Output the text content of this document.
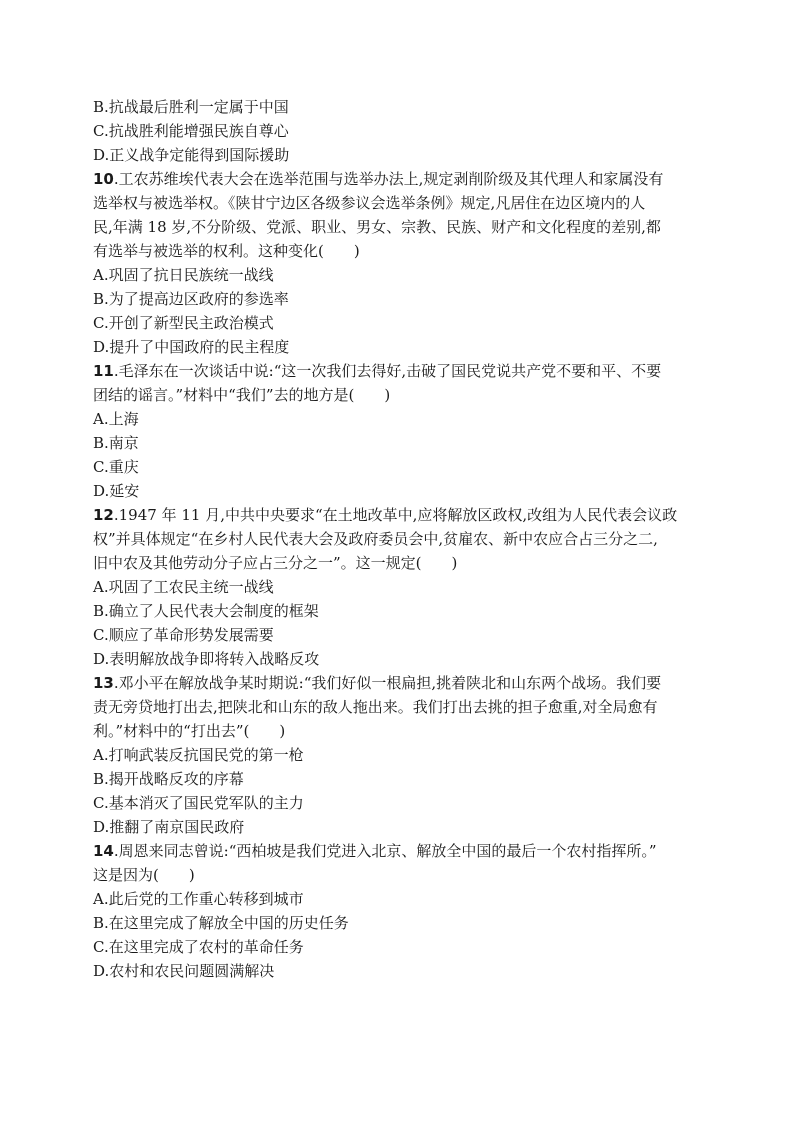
B.抗战最后胜利一定属于中国
C.抗战胜利能增强民族自尊心
D.正义战争定能得到国际援助
10.工农苏维埃代表大会在选举范围与选举办法上,规定剥削阶级及其代理人和家属没有
选举权与被选举权。《陕甘宁边区各级参议会选举条例》规定,凡居住在边区境内的人
民,年满 18 岁,不分阶级、党派、职业、男女、宗教、民族、财产和文化程度的差别,都
有选举与被选举的权利。这种变化(　　)
A.巩固了抗日民族统一战线
B.为了提高边区政府的参选率
C.开创了新型民主政治模式
D.提升了中国政府的民主程度
11.毛泽东在一次谈话中说:“这一次我们去得好,击破了国民党说共产党不要和平、不要
团结的谣言。”材料中“我们”去的地方是(　　)
A.上海
B.南京
C.重庆
D.延安
12.1947 年 11 月,中共中央要求“在土地改革中,应将解放区政权,改组为人民代表会议政
权”并具体规定“在乡村人民代表大会及政府委员会中,贫雇农、新中农应合占三分之二,
旧中农及其他劳动分子应占三分之一”。这一规定(　　)
A.巩固了工农民主统一战线
B.确立了人民代表大会制度的框架
C.顺应了革命形势发展需要
D.表明解放战争即将转入战略反攻
13.邓小平在解放战争某时期说:“我们好似一根扁担,挑着陕北和山东两个战场。我们要
责无旁贷地打出去,把陕北和山东的敌人拖出来。我们打出去挑的担子愈重,对全局愈有
利。”材料中的“打出去”(　　)
A.打响武装反抗国民党的第一枪
B.揭开战略反攻的序幕
C.基本消灭了国民党军队的主力
D.推翻了南京国民政府
14.周恩来同志曾说:“西柏坡是我们党进入北京、解放全中国的最后一个农村指挥所。”
这是因为(　　)
A.此后党的工作重心转移到城市
B.在这里完成了解放全中国的历史任务
C.在这里完成了农村的革命任务
D.农村和农民问题圆满解决
